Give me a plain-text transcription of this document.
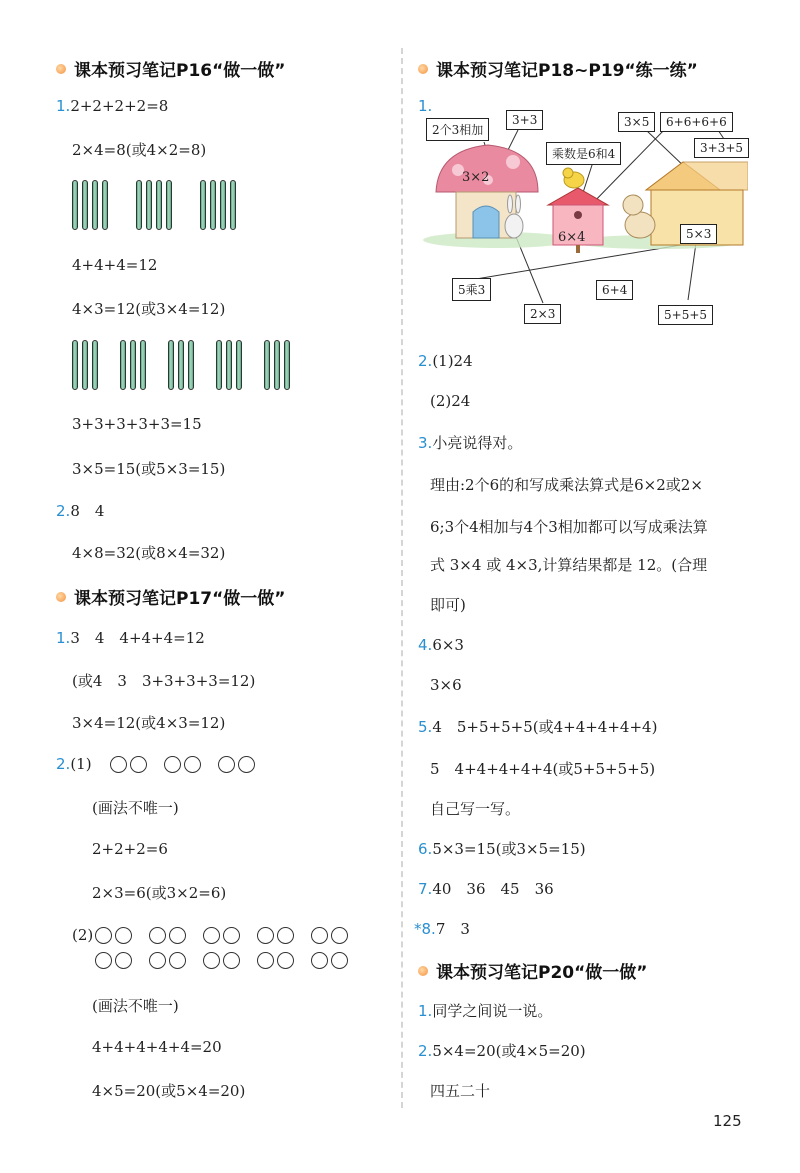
课本预习笔记P16“做一做”
1.2+2+2+2=8
2×4=8(或4×2=8)
4+4+4=12
4×3=12(或3×4=12)
3+3+3+3+3=15
3×5=15(或5×3=15)
2.8　4
4×8=32(或8×4=32)
课本预习笔记P17“做一做”
1.3　4　4+4+4=12
(或4　3　3+3+3+3=12)
3×4=12(或4×3=12)
2.(1)
(画法不唯一)
2+2+2=6
2×3=6(或3×2=6)
(2)
(画法不唯一)
4+4+4+4+4=20
4×5=20(或5×4=20)
课本预习笔记P18~P19“练一练”
1.
2个3相加
3+3	3×5	6+6+6+6
乘数是6和4	3+3+5
3×2
6×4	5×3
5乘3	6+4
2×3	5+5+5
2.(1)24
(2)24
3.小亮说得对。
理由:2个6的和写成乘法算式是6×2或2×
6;3个4相加与4个3相加都可以写成乘法算
式 3×4 或 4×3,计算结果都是 12。(合理
即可)
4.6×3
3×6
5.4　5+5+5+5(或4+4+4+4+4)
5　4+4+4+4+4(或5+5+5+5)
自己写一写。
6.5×3=15(或3×5=15)
7.40　36　45　36
*8.7　3
课本预习笔记P20“做一做”
1.同学之间说一说。
2.5×4=20(或4×5=20)
四五二十
125
